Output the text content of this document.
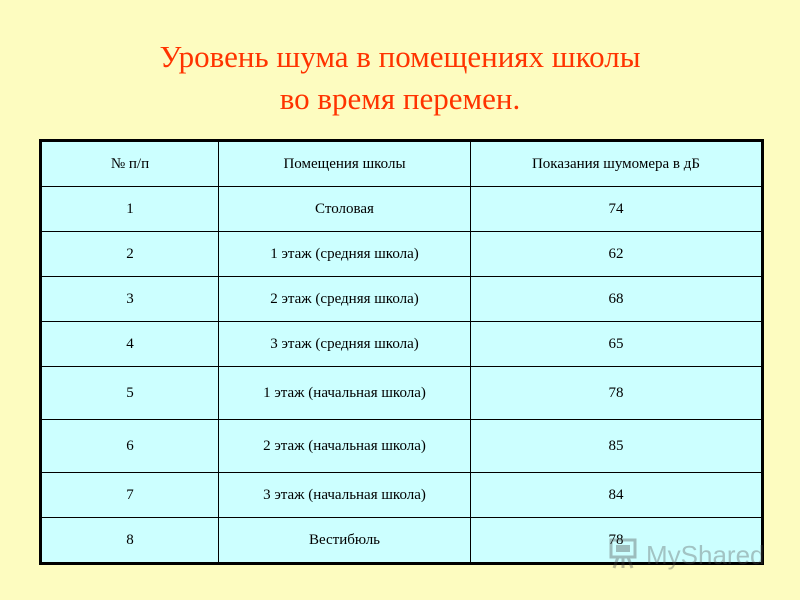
Уровень шума в помещениях школы
во время перемен.
№ п/п	Помещения школы	Показания шумомера в дБ
1	Столовая	74
2	1 этаж (средняя школа)	62
3	2 этаж (средняя школа)	68
4	3 этаж (средняя школа)	65
5	1 этаж (начальная школа)	78
6	2 этаж (начальная школа)	85
7	3 этаж (начальная школа)	84
8	Вестибюль	78 MyShared
